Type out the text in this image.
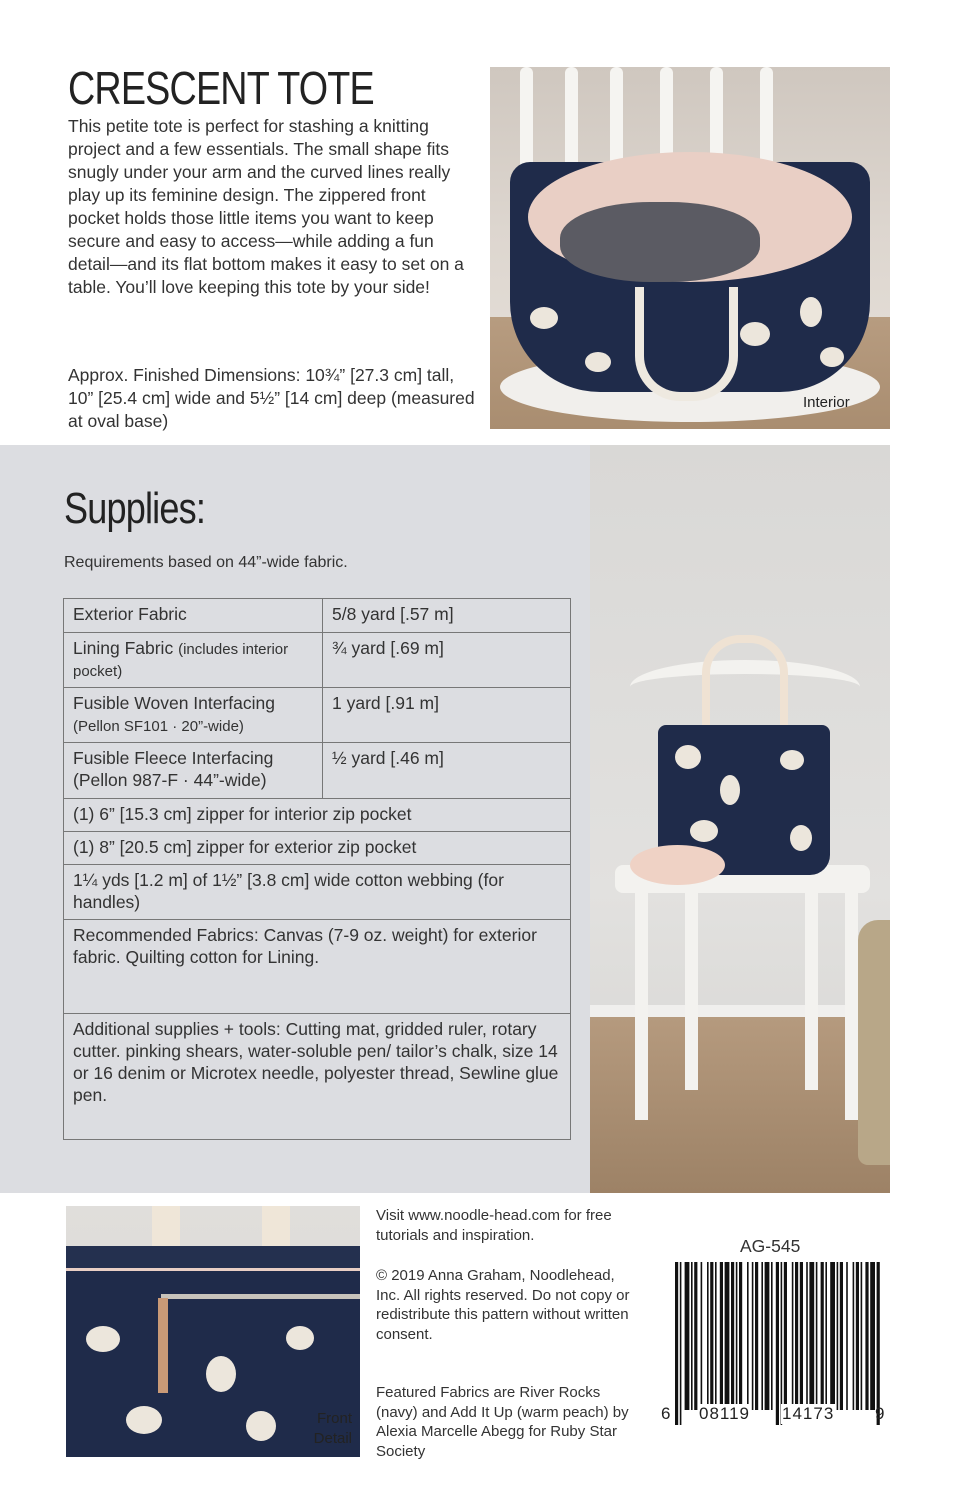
CRESCENT TOTE

This petite tote is perfect for stashing a knitting project and a few essentials. The small shape fits snugly under your arm and the curved lines really play up its feminine design. The zippered front pocket holds those little items you want to keep secure and easy to access—while adding a fun detail—and its flat bottom makes it easy to set on a table. You’ll love keeping this tote by your side!

Approx. Finished Dimensions: 10¾” [27.3 cm] tall, 10” [25.4 cm] wide and 5½” [14 cm] deep (measured at oval base)

Interior
Supplies:
Requirements based on 44”-wide fabric.
Exterior Fabric	5/8 yard [.57 m]
Lining Fabric (includes interior pocket)	¾ yard [.69 m]
Fusible Woven Interfacing
(Pellon SF101 · 20”-wide)	1 yard [.91 m]
Fusible Fleece Interfacing
(Pellon 987-F · 44”-wide)	½ yard [.46 m]
(1) 6” [15.3 cm] zipper for interior zip pocket	
(1) 8” [20.5 cm] zipper for exterior zip pocket	
1¼ yds [1.2 m] of 1½” [3.8 cm] wide cotton webbing (for handles)	
Recommended Fabrics: Canvas (7-9 oz. weight) for exterior fabric. Quilting cotton for Lining.	
Additional supplies + tools: Cutting mat, gridded ruler, rotary cutter. pinking shears, water-soluble pen/ tailor’s chalk, size 14 or 16 denim or Microtex needle, polyester thread, Sewline glue pen.	
Front Detail

Visit www.noodle-head.com for free tutorials and inspiration.

© 2019 Anna Graham, Noodlehead, Inc. All rights reserved. Do not copy or redistribute this pattern without written consent.

Featured Fabrics are River Rocks (navy) and Add It Up (warm peach) by Alexia Marcelle Abegg for Ruby Star Society

AG-545
6 08119 14173 9
